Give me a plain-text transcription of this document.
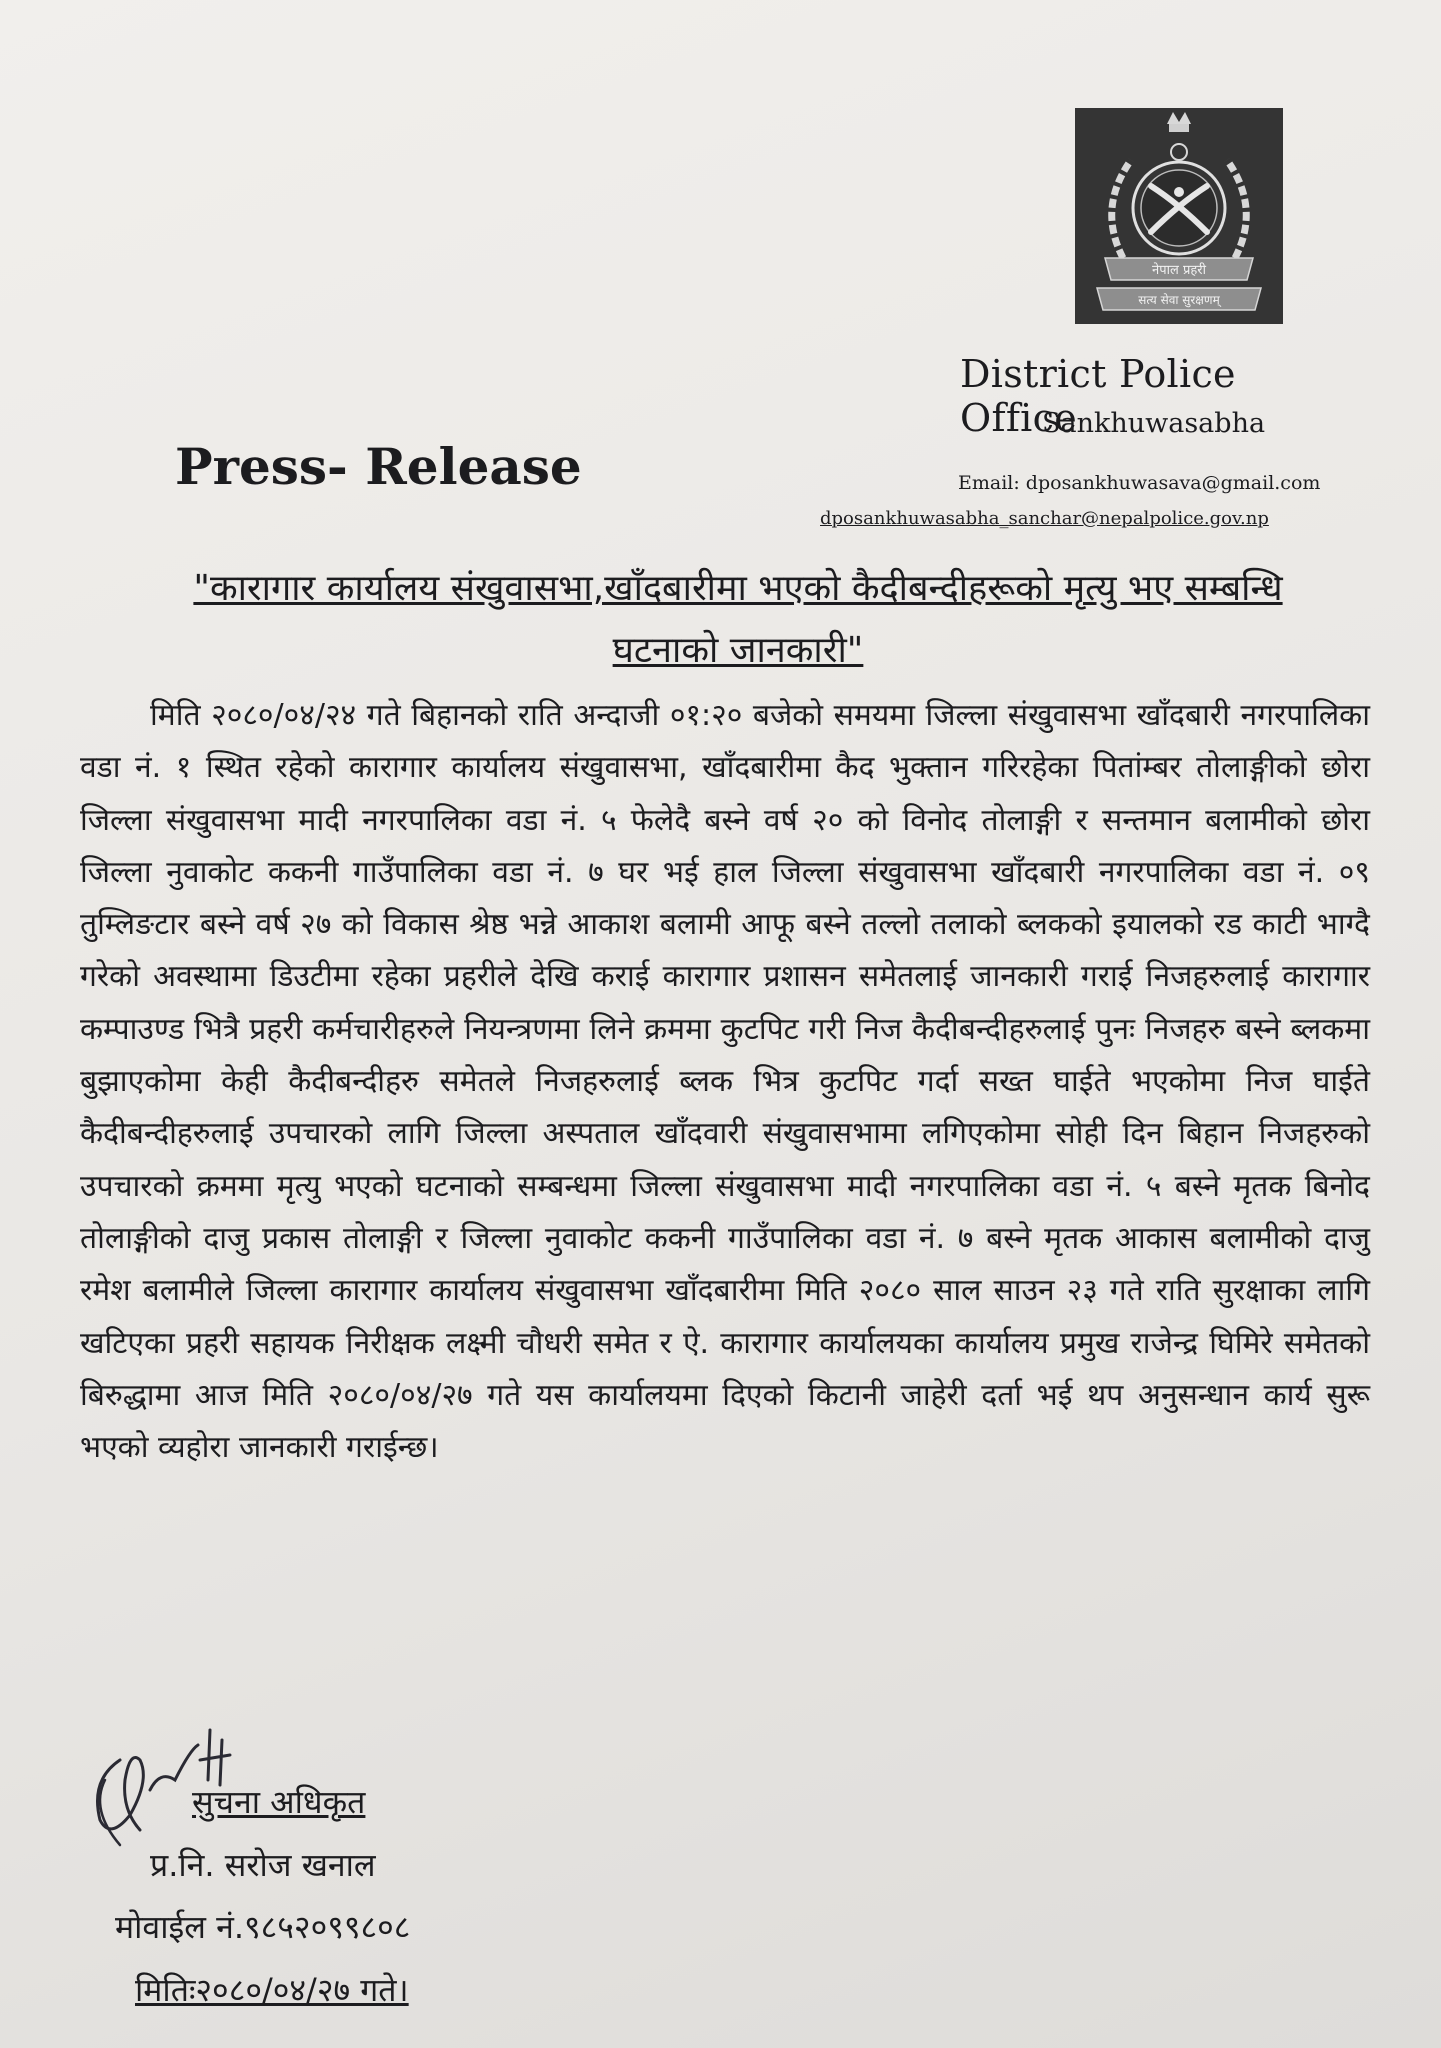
नेपाल प्रहरी
सत्य सेवा सुरक्षणम्
District Police Office
Sankhuwasabha
Press- Release	Email: dposankhuwasava@gmail.com
dposankhuwasabha_sanchar@nepalpolice.gov.np
"कारागार कार्यालय संखुवासभा,खाँदबारीमा भएको कैदीबन्दीहरूको मृत्यु भए सम्बन्धि घटनाको जानकारी"
मिति २०८०/०४/२४ गते बिहानको राति अन्दाजी ०१:२० बजेको समयमा जिल्ला संखुवासभा खाँदबारी नगरपालिका वडा नं. १ स्थित रहेको कारागार कार्यालय संखुवासभा, खाँदबारीमा कैद भुक्तान गरिरहेका पितांम्बर तोलाङ्गीको छोरा जिल्ला संखुवासभा मादी नगरपालिका वडा नं. ५ फेलेदै बस्ने वर्ष २० को विनोद तोलाङ्गी र सन्तमान बलामीको छोरा जिल्ला नुवाकोट ककनी गाउँपालिका वडा नं. ७ घर भई हाल जिल्ला संखुवासभा खाँदबारी नगरपालिका वडा नं. ०९ तुम्लिङटार बस्ने वर्ष २७ को विकास श्रेष्ठ भन्ने आकाश बलामी आफू बस्ने तल्लो तलाको ब्लकको इयालको रड काटी भाग्दै गरेको अवस्थामा डिउटीमा रहेका प्रहरीले देखि कराई कारागार प्रशासन समेतलाई जानकारी गराई निजहरुलाई कारागार कम्पाउण्ड भित्रै प्रहरी कर्मचारीहरुले नियन्त्रणमा लिने क्रममा कुटपिट गरी निज कैदीबन्दीहरुलाई पुनः निजहरु बस्ने ब्लकमा बुझाएकोमा केही कैदीबन्दीहरु समेतले निजहरुलाई ब्लक भित्र कुटपिट गर्दा सख्त घाईते भएकोमा निज घाईते कैदीबन्दीहरुलाई उपचारको लागि जिल्ला अस्पताल खाँदवारी संखुवासभामा लगिएकोमा सोही दिन बिहान निजहरुको उपचारको क्रममा मृत्यु भएको घटनाको सम्बन्धमा जिल्ला संखुवासभा मादी नगरपालिका वडा नं. ५ बस्ने मृतक बिनोद तोलाङ्गीको दाजु प्रकास तोलाङ्गी र जिल्ला नुवाकोट ककनी गाउँपालिका वडा नं. ७ बस्ने मृतक आकास बलामीको दाजु रमेश बलामीले जिल्ला कारागार कार्यालय संखुवासभा खाँदबारीमा मिति २०८० साल साउन २३ गते राति सुरक्षाका लागि खटिएका प्रहरी सहायक निरीक्षक लक्ष्मी चौधरी समेत र ऐ. कारागार कार्यालयका कार्यालय प्रमुख राजेन्द्र घिमिरे समेतको बिरुद्धामा आज मिति २०८०/०४/२७ गते यस कार्यालयमा दिएको किटानी जाहेरी दर्ता भई थप अनुसन्धान कार्य सुरू भएको व्यहोरा जानकारी गराईन्छ।
सुचना अधिकृत
प्र.नि. सरोज खनाल
मोवाईल नं.९८५२०९९८०८
मितिः२०८०/०४/२७ गते।
